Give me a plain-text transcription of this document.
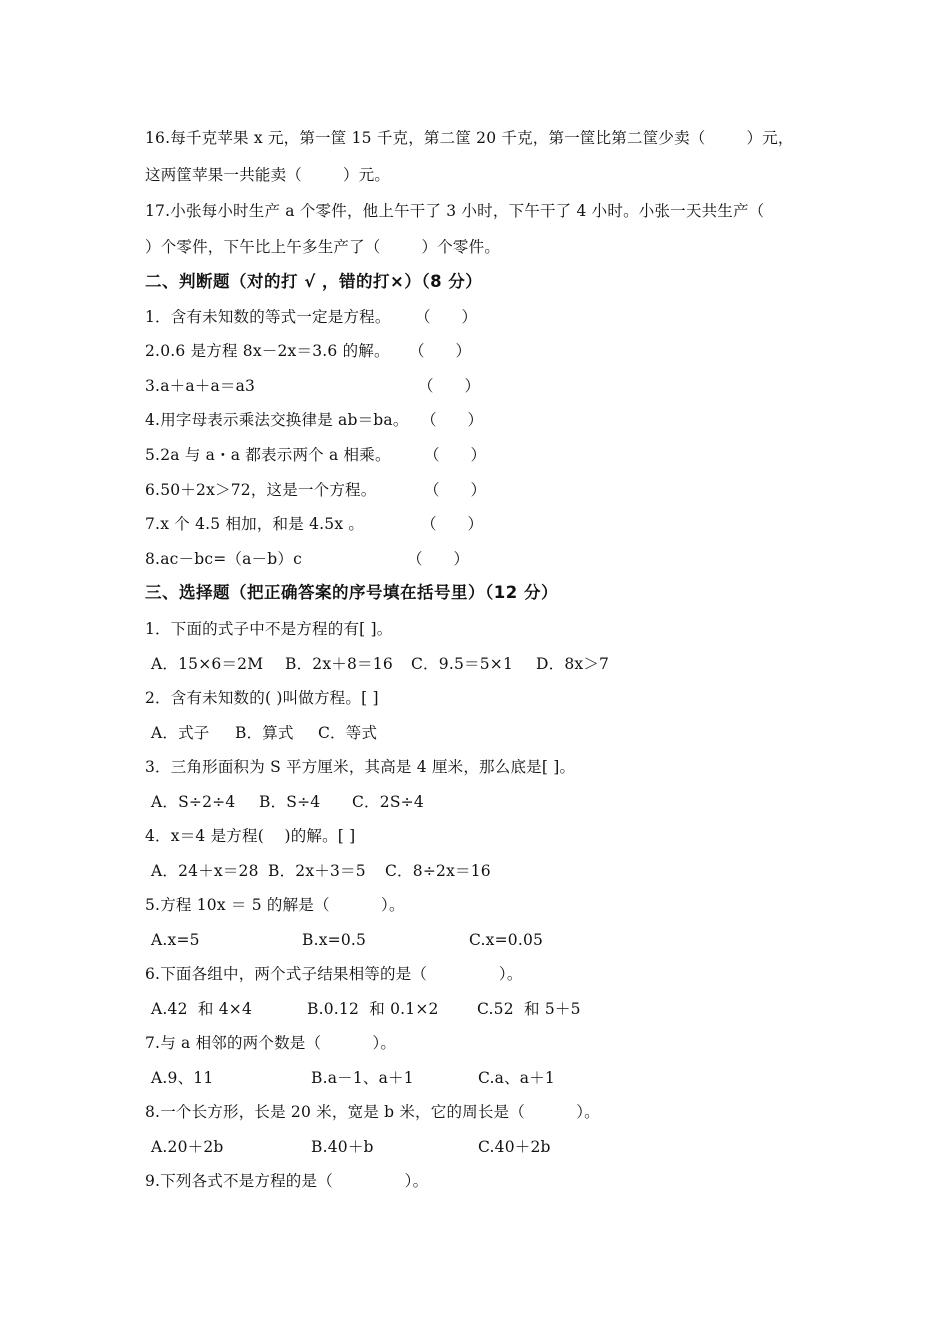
16.每千克苹果 x 元，第一筐 15 千克，第二筐 20 千克，第一筐比第二筐少卖（        ）元，
这两筐苹果一共能卖（        ）元。
17.小张每小时生产 a 个零件，他上午干了 3 小时，下午干了 4 小时。小张一天共生产（
）个零件，下午比上午多生产了（        ）个零件。
二、判断题（对的打 √ ，错的打×）（8 分）

1．含有未知数的等式一定是方程。

（      ）

2.0.6 是方程 8x－2x＝3.6 的解。

（      ）

3.a＋a＋a＝a3

	（      ）

4.用字母表示乘法交换律是 ab＝ba。

（      ）

5.2a 与 a・a 都表示两个 a 相乘。

（      ）

6.50＋2x＞72，这是一个方程。

	（      ）

7.x 个 4.5 相加，和是 4.5x 。

	（      ）

8.ac－bc=（a－b）c

	（      ）

三、选择题（把正确答案的序号填在括号里）（12 分）
1．下面的式子中不是方程的有[ ]。

A．15×6＝2M

B．2x＋8＝16

C．9.5＝5×1

D．8x＞7

2．含有未知数的( )叫做方程。[ ]

A．式子

B．算式

C．等式

3．三角形面积为 S 平方厘米，其高是 4 厘米，那么底是[ ]。

A．S÷2÷4

B．S÷4

C．2S÷4

4．x＝4 是方程(    )的解。[ ]

A．24＋x＝28

B．2x＋3＝5

C．8÷2x＝16

5.方程 10x ＝ 5 的解是（          ）。

A.x=5

	B.x=0.5

	C.x=0.05

6.下面各组中，两个式子结果相等的是（              ）。

A.42  和 4×4

	B.0.12  和 0.1×2

C.52  和 5＋5

7.与 a 相邻的两个数是（          ）。

A.9、11

	B.a－1、a＋1

	C.a、a＋1

8.一个长方形，长是 20 米，宽是 b 米，它的周长是（          ）。

A.20＋2b

	B.40＋b

	C.40＋2b

9.下列各式不是方程的是（              ）。
